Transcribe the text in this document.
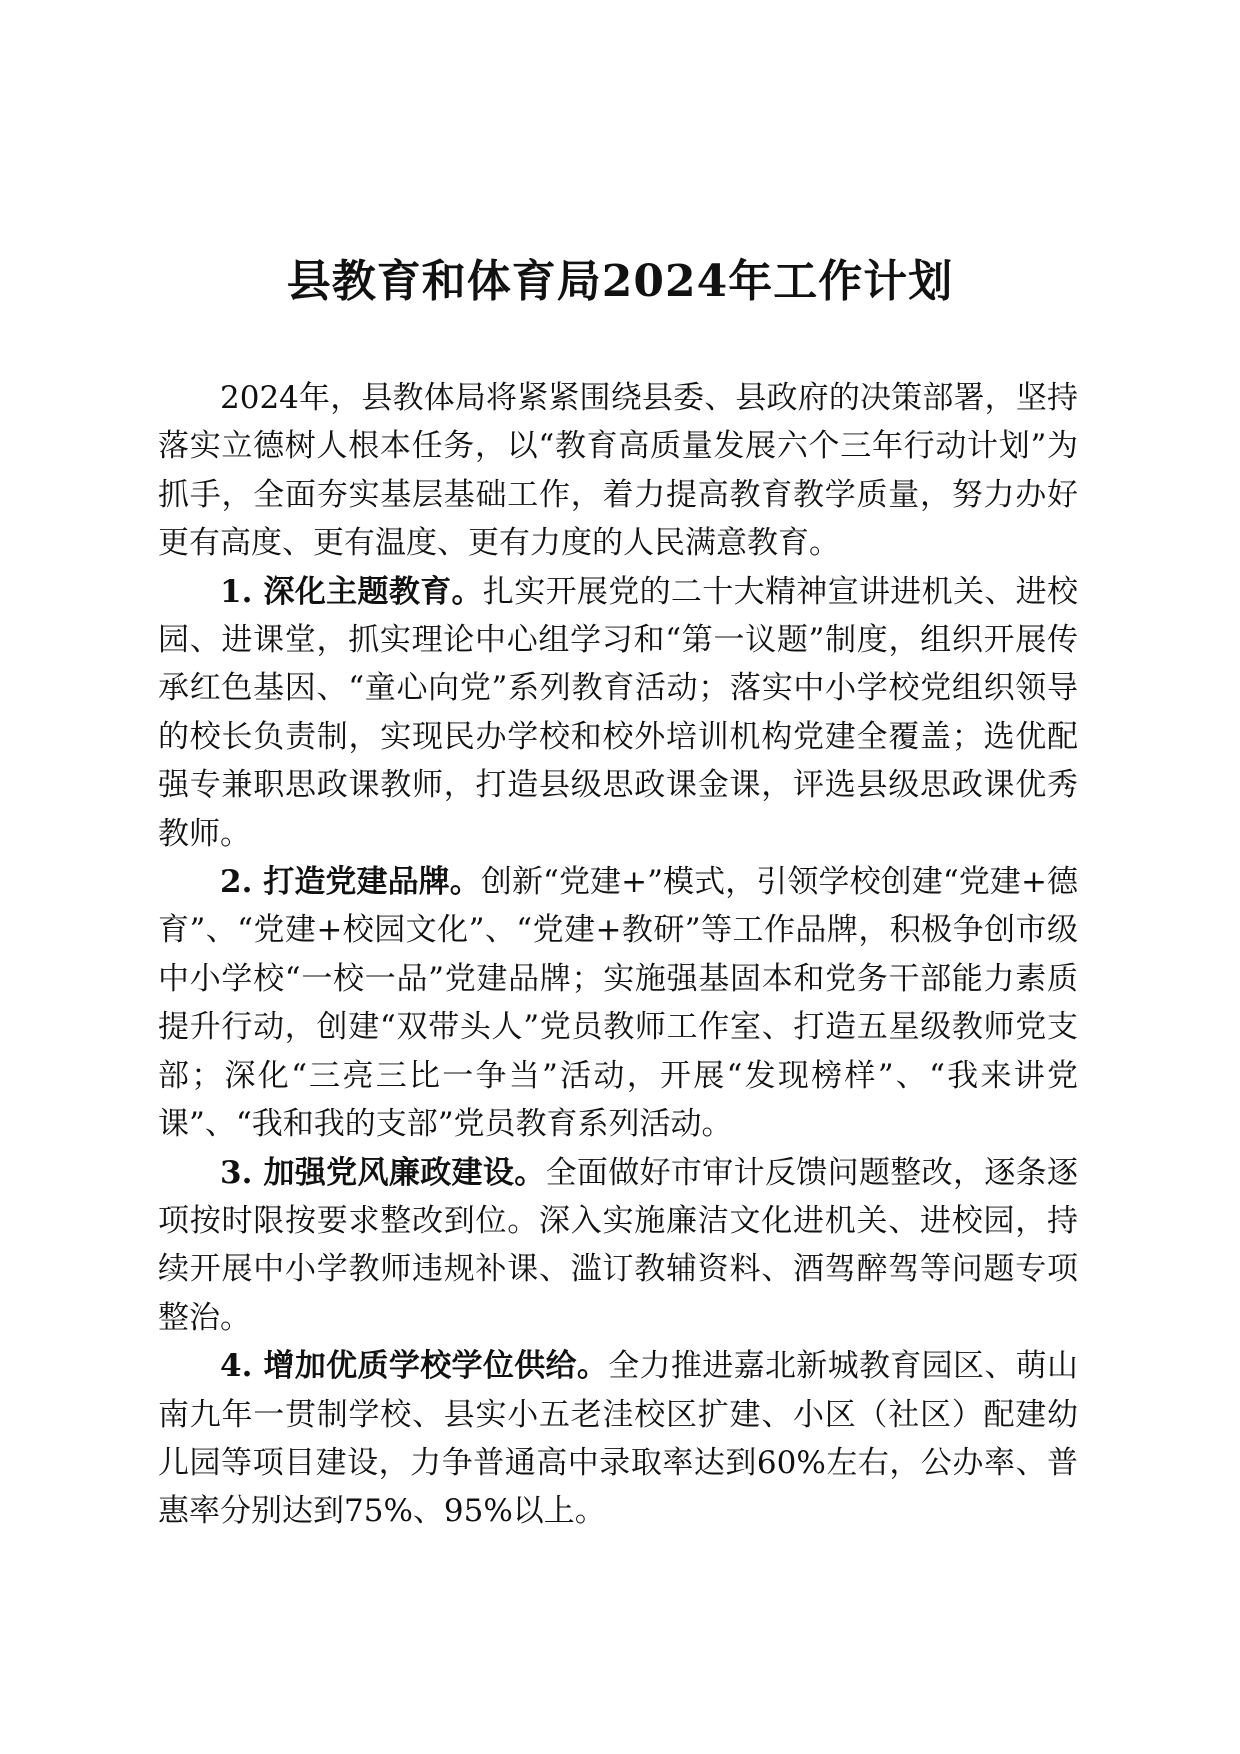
县教育和体育局2024年工作计划

2024年，县教体局将紧紧围绕县委、县政府的决策部署，坚持落实立德树人根本任务，以“教育高质量发展六个三年行动计划”为抓手，全面夯实基层基础工作，着力提高教育教学质量，努力办好更有高度、更有温度、更有力度的人民满意教育。

1. 深化主题教育。扎实开展党的二十大精神宣讲进机关、进校园、进课堂，抓实理论中心组学习和“第一议题”制度，组织开展传承红色基因、“童心向党”系列教育活动；落实中小学校党组织领导的校长负责制，实现民办学校和校外培训机构党建全覆盖；选优配强专兼职思政课教师，打造县级思政课金课，评选县级思政课优秀教师。

2. 打造党建品牌。创新“党建+”模式，引领学校创建“党建+德育”、“党建+校园文化”、“党建+教研”等工作品牌，积极争创市级中小学校“一校一品”党建品牌；实施强基固本和党务干部能力素质提升行动，创建“双带头人”党员教师工作室、打造五星级教师党支部；深化“三亮三比一争当”活动，开展“发现榜样”、“我来讲党课”、“我和我的支部”党员教育系列活动。

3. 加强党风廉政建设。全面做好市审计反馈问题整改，逐条逐项按时限按要求整改到位。深入实施廉洁文化进机关、进校园，持续开展中小学教师违规补课、滥订教辅资料、酒驾醉驾等问题专项整治。

4. 增加优质学校学位供给。全力推进嘉北新城教育园区、萌山南九年一贯制学校、县实小五老洼校区扩建、小区（社区）配建幼儿园等项目建设，力争普通高中录取率达到60%左右，公办率、普惠率分别达到75%、95%以上。
